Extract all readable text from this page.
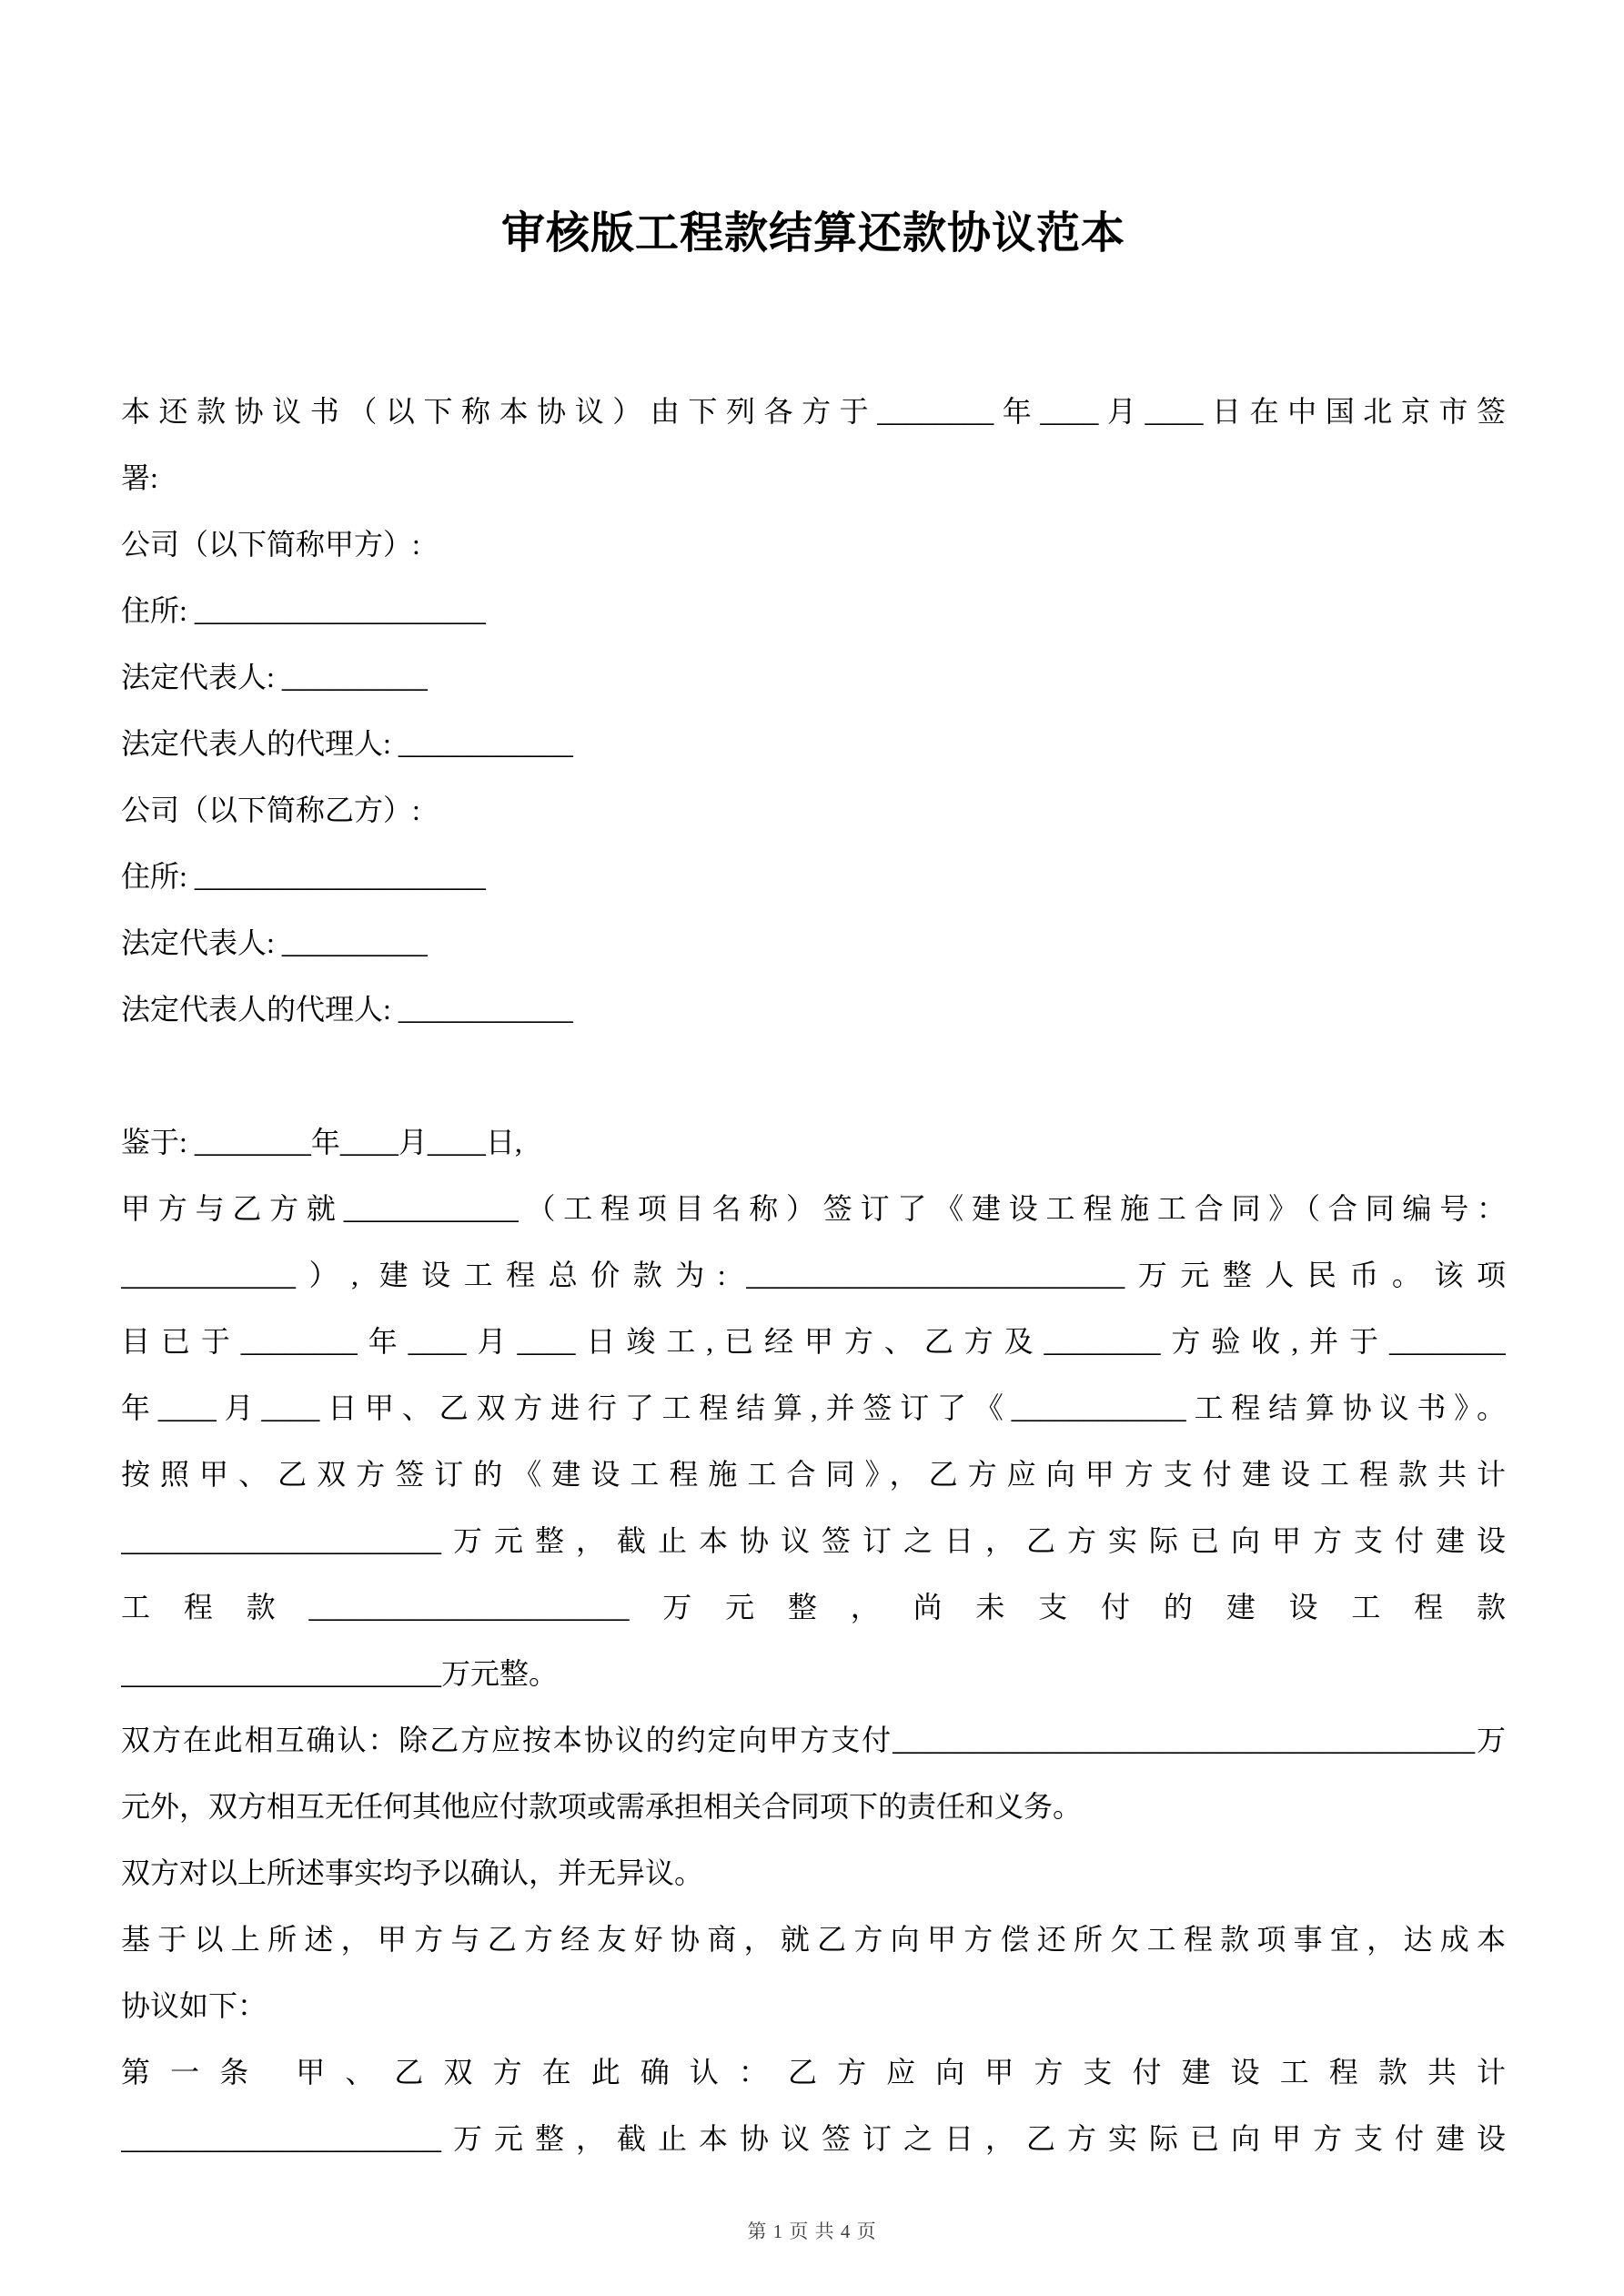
审核版工程款结算还款协议范本
本还款协议书（以下称本协议）由下列各方于________年____月____日在中国北京市签
署:
公司（以下简称甲方）:
住所: ____________________
法定代表人: __________
法定代表人的代理人: ____________
公司（以下简称乙方）:
住所: ____________________
法定代表人: __________
法定代表人的代理人: ____________
鉴于: ________年____月____日,
甲方与乙方就____________（工程项目名称）签订了《建设工程施工合同》（合同编号：
____________）, 建设工程总价款为: __________________________万元整人民币。该项
目已于________年____月____日竣工,已经甲方、乙方及________方验收,并于________
年____月____日甲、乙双方进行了工程结算,并签订了《____________工程结算协议书》。
按照甲、乙双方签订的《建设工程施工合同》，乙方应向甲方支付建设工程款共计
______________________万元整，截止本协议签订之日，乙方实际已向甲方支付建设
工程款______________________万元整，尚未支付的建设工程款
______________________万元整。
双方在此相互确认：除乙方应按本协议的约定向甲方支付________________________________________万
元外，双方相互无任何其他应付款项或需承担相关合同项下的责任和义务。
双方对以上所述事实均予以确认，并无异议。
基于以上所述，甲方与乙方经友好协商，就乙方向甲方偿还所欠工程款项事宜，达成本
协议如下：
第一条 甲、乙双方在此确认：乙方应向甲方支付建设工程款共计
______________________万元整，截止本协议签订之日，乙方实际已向甲方支付建设
第 1 页 共 4 页
